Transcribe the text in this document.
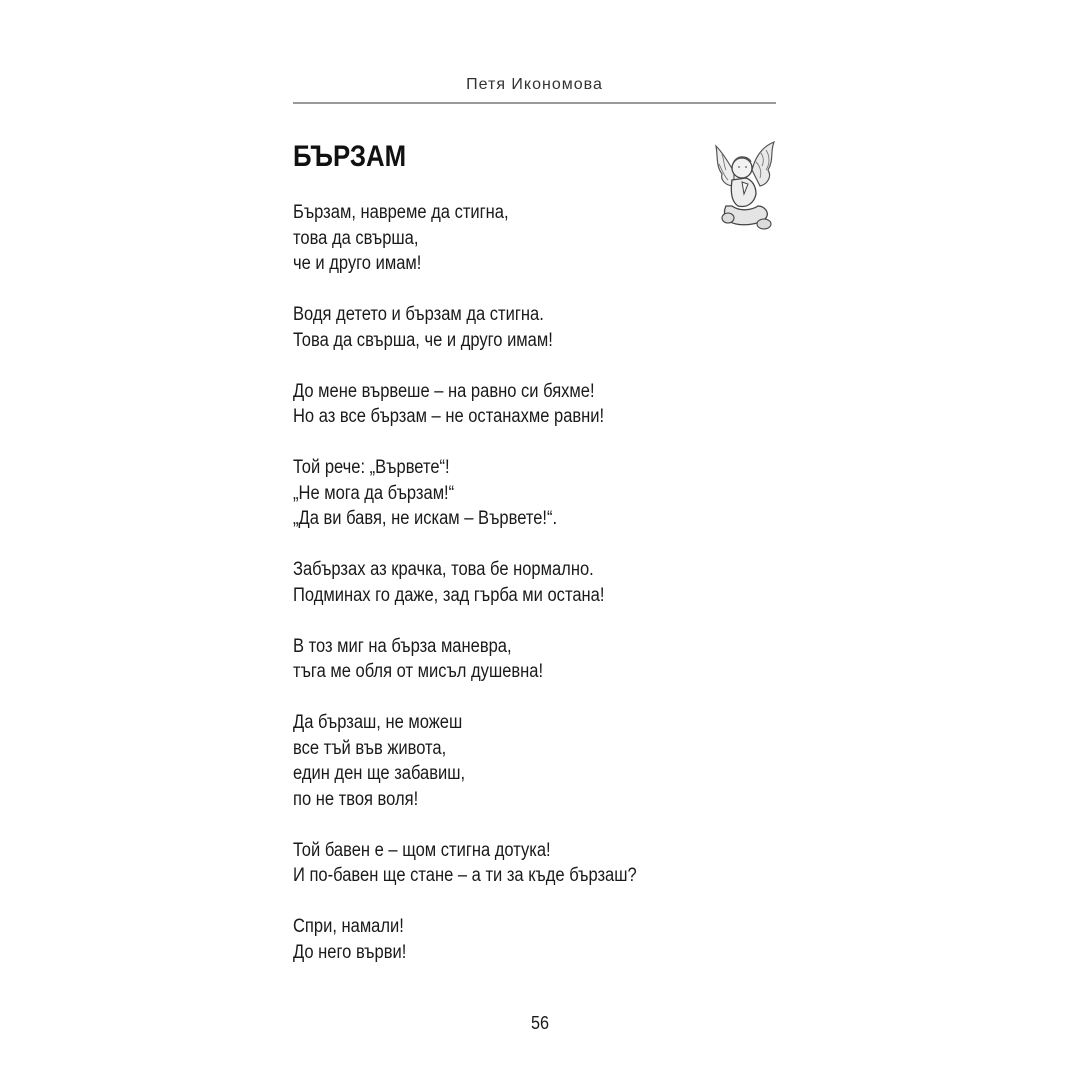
Петя Икономова
БЪРЗАМ

Бързам, навреме да стигна,
това да свърша,
че и друго имам!

Водя детето и бързам да стигна.
Това да свърша, че и друго имам!

До мене вървеше – на равно си бяхме!
Но аз все бързам – не останахме равни!

Той рече: „Вървете“!
„Не мога да бързам!“
„Да ви бавя, не искам – Вървете!“.

Забързах аз крачка, това бе нормално.
Подминах го даже, зад гърба ми остана!

В тоз миг на бърза маневра,
тъга ме обля от мисъл душевна!

Да бързаш, не можеш
все тъй във живота,
един ден ще забавиш,
по не твоя воля!

Той бавен е – щом стигна дотука!
И по-бавен ще стане – а ти за къде бързаш?

Спри, намали!
До него върви!

56
